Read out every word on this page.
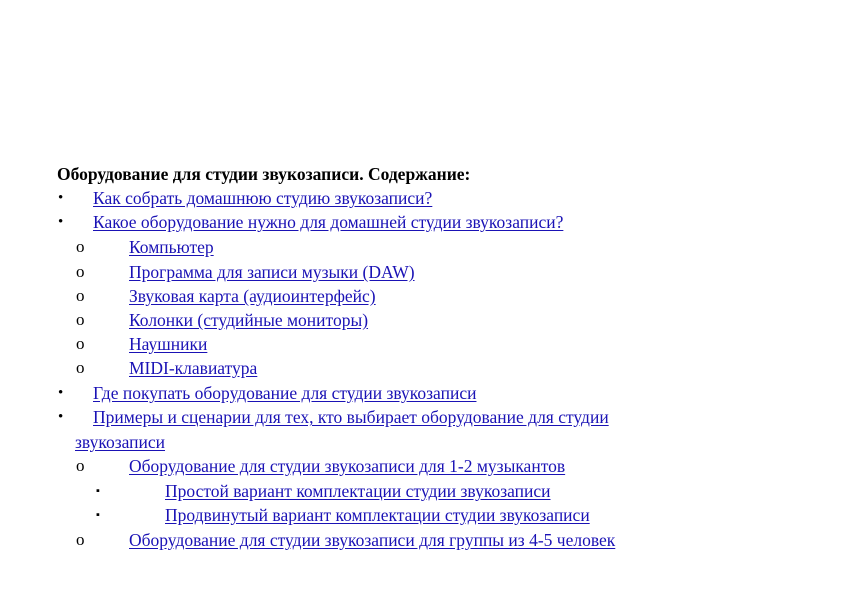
Оборудование для студии звукозаписи. Содержание:
• Как собрать домашнюю студию звукозаписи?
• Какое оборудование нужно для домашней студии звукозаписи?
o	Компьютер
o	Программа для записи музыки (DAW)
o	Звуковая карта (аудиоинтерфейс)
o	Колонки (студийные мониторы)
o	Наушники
o	MIDI-клавиатура
• Где покупать оборудование для студии звукозаписи
• Примеры и сценарии для тех, кто выбирает оборудование для студии
звукозаписи
o	Оборудование для студии звукозаписи для 1-2 музыкантов
▪	Простой вариант комплектации студии звукозаписи
▪	Продвинутый вариант комплектации студии звукозаписи
o	Оборудование для студии звукозаписи для группы из 4-5 человек
